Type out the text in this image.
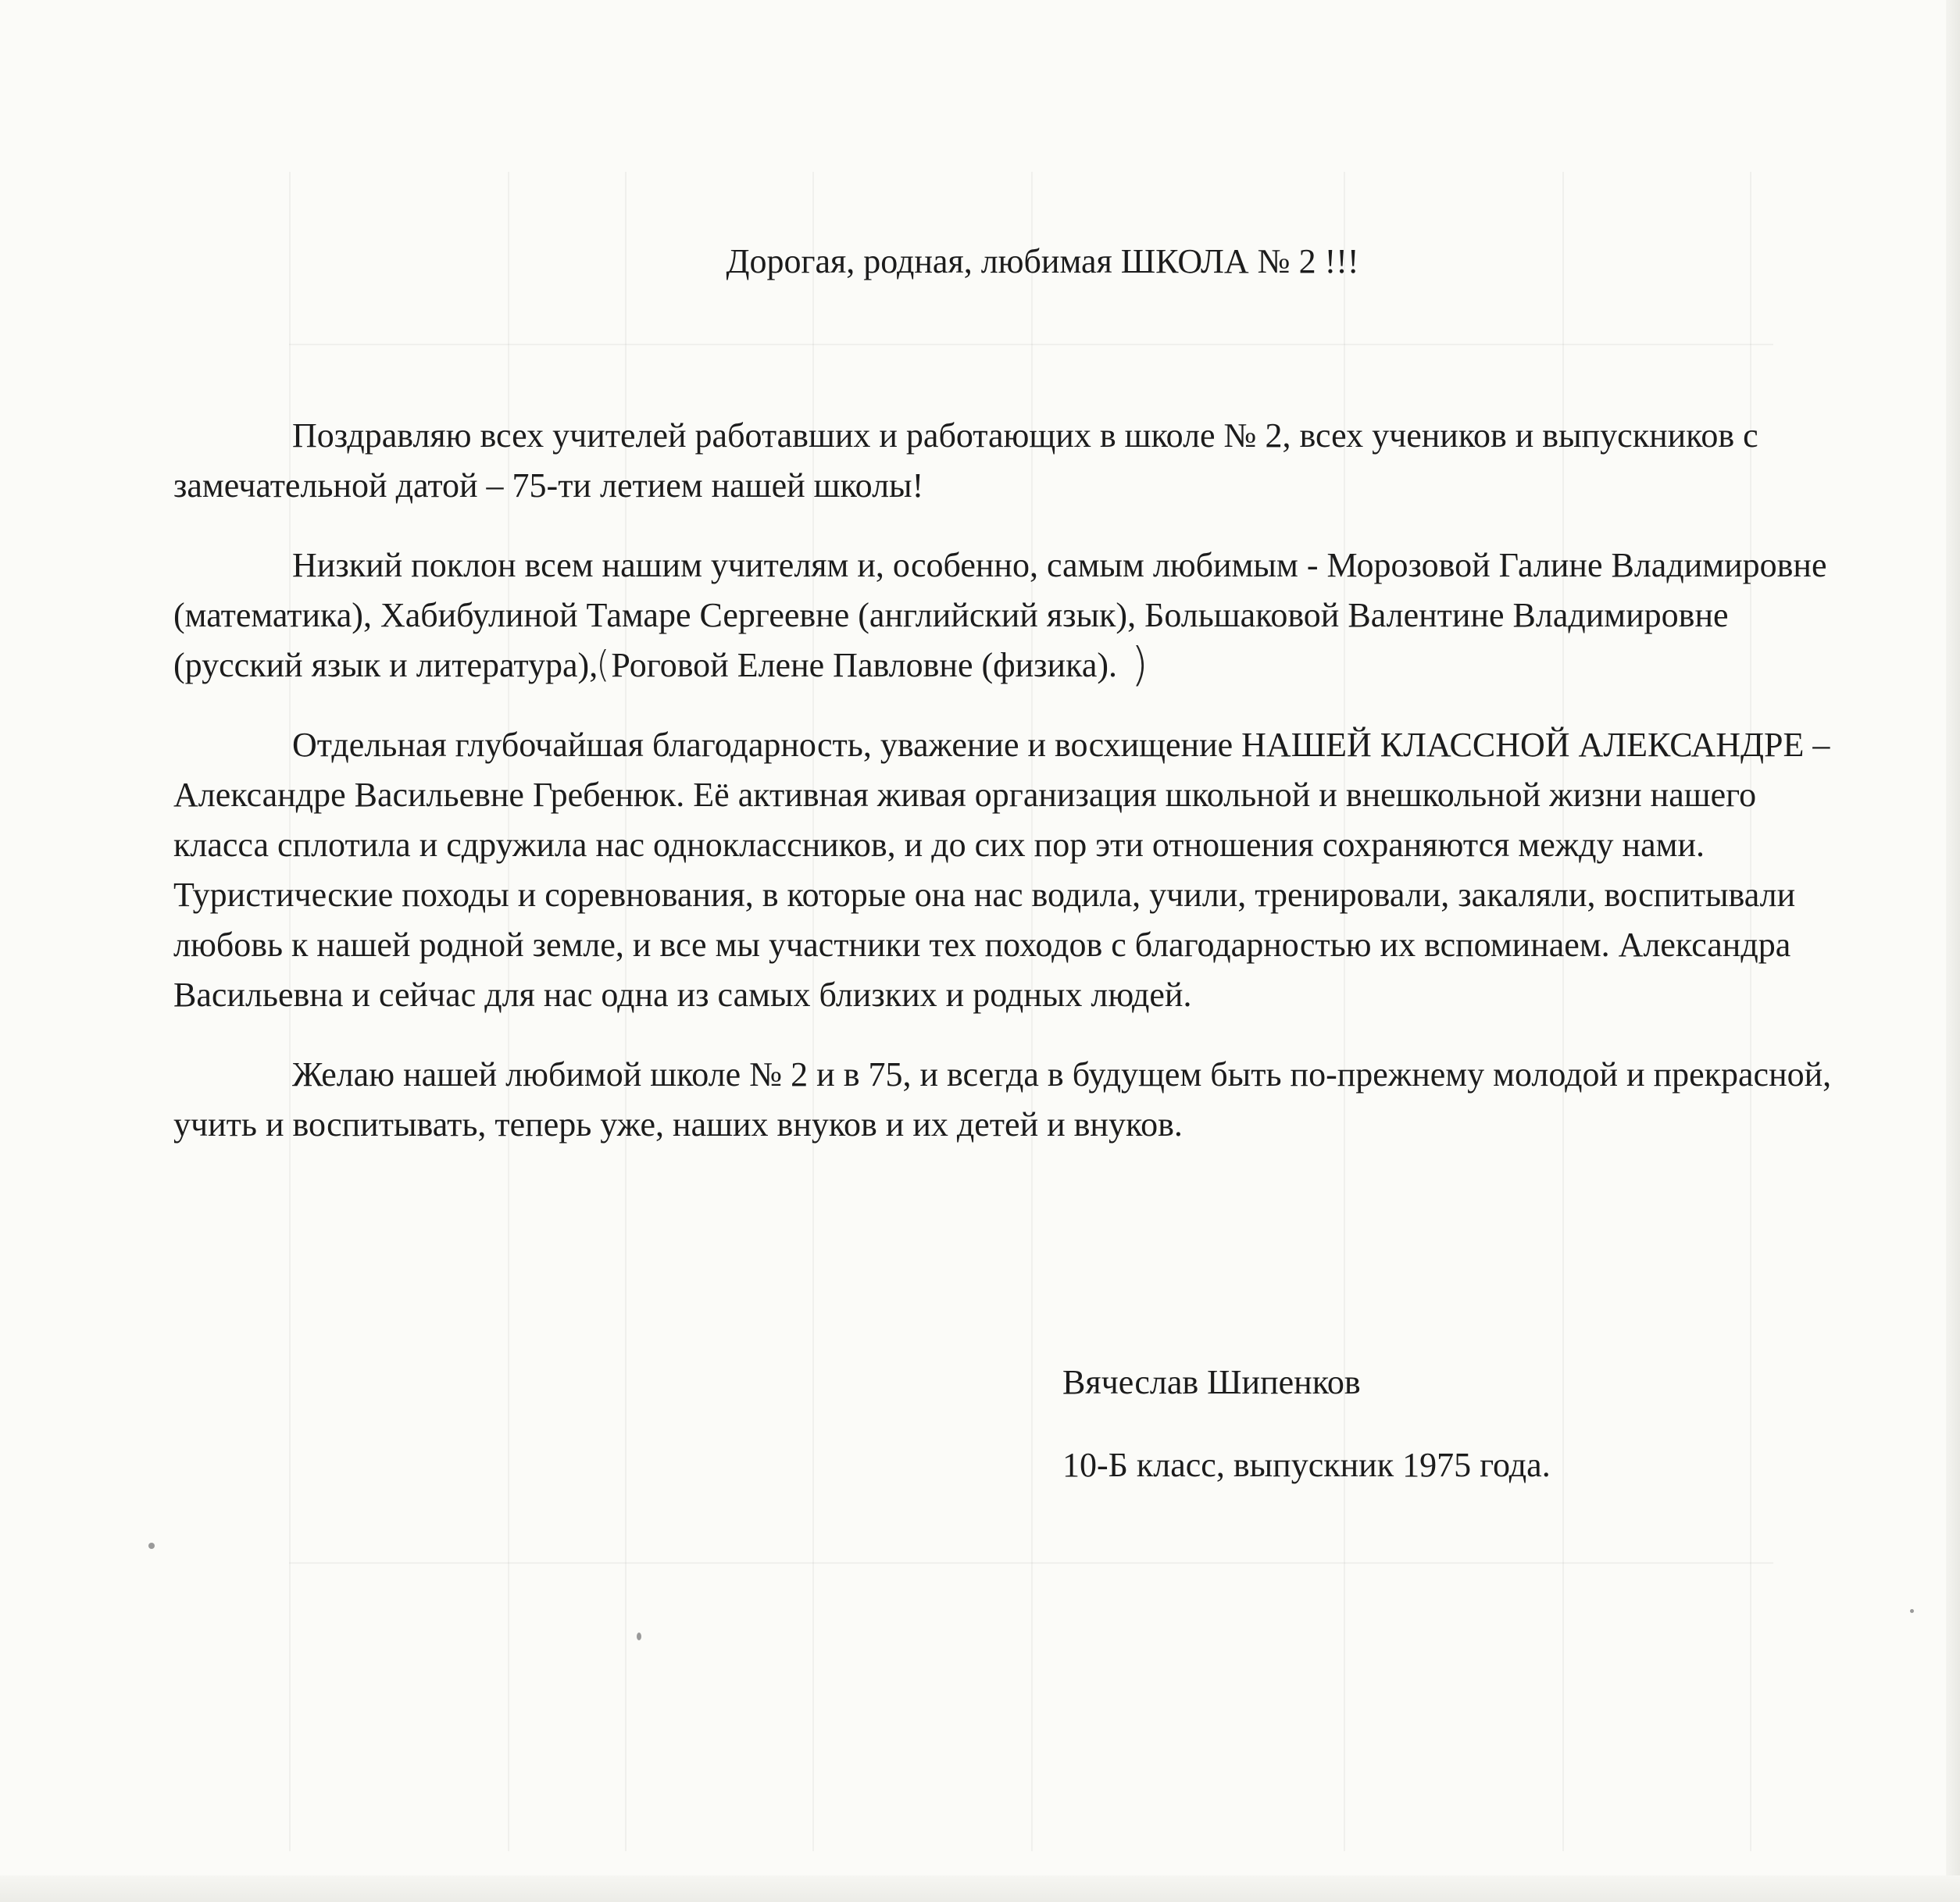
Дорогая, родная, любимая ШКОЛА № 2 !!!
Поздравляю всех учителей работавших и работающих в школе № 2, всех учеников и выпускников с замечательной датой – 75-ти летием нашей школы!
Низкий поклон всем нашим учителям и, особенно, самым любимым - Морозовой Галине Владимировне (математика), Хабибулиной Тамаре Сергеевне (английский язык), Большаковой Валентине Владимировне (русский язык и литература),(Роговой Елене Павловне (физика). )
Отдельная глубочайшая благодарность, уважение и восхищение НАШЕЙ КЛАССНОЙ АЛЕКСАНДРЕ – Александре Васильевне Гребенюк. Её активная живая организация школьной и внешкольной жизни нашего класса сплотила и сдружила нас одноклассников, и до сих пор эти отношения сохраняются между нами. Туристические походы и соревнования, в которые она нас водила, учили, тренировали, закаляли, воспитывали любовь к нашей родной земле, и все мы участники тех походов с благодарностью их вспоминаем. Александра Васильевна и сейчас для нас одна из самых близких и родных людей.
Желаю нашей любимой школе № 2 и в 75, и всегда в будущем быть по-прежнему молодой и прекрасной, учить и воспитывать, теперь уже, наших внуков и их детей и внуков.
Вячеслав Шипенков
10-Б класс, выпускник 1975 года.
